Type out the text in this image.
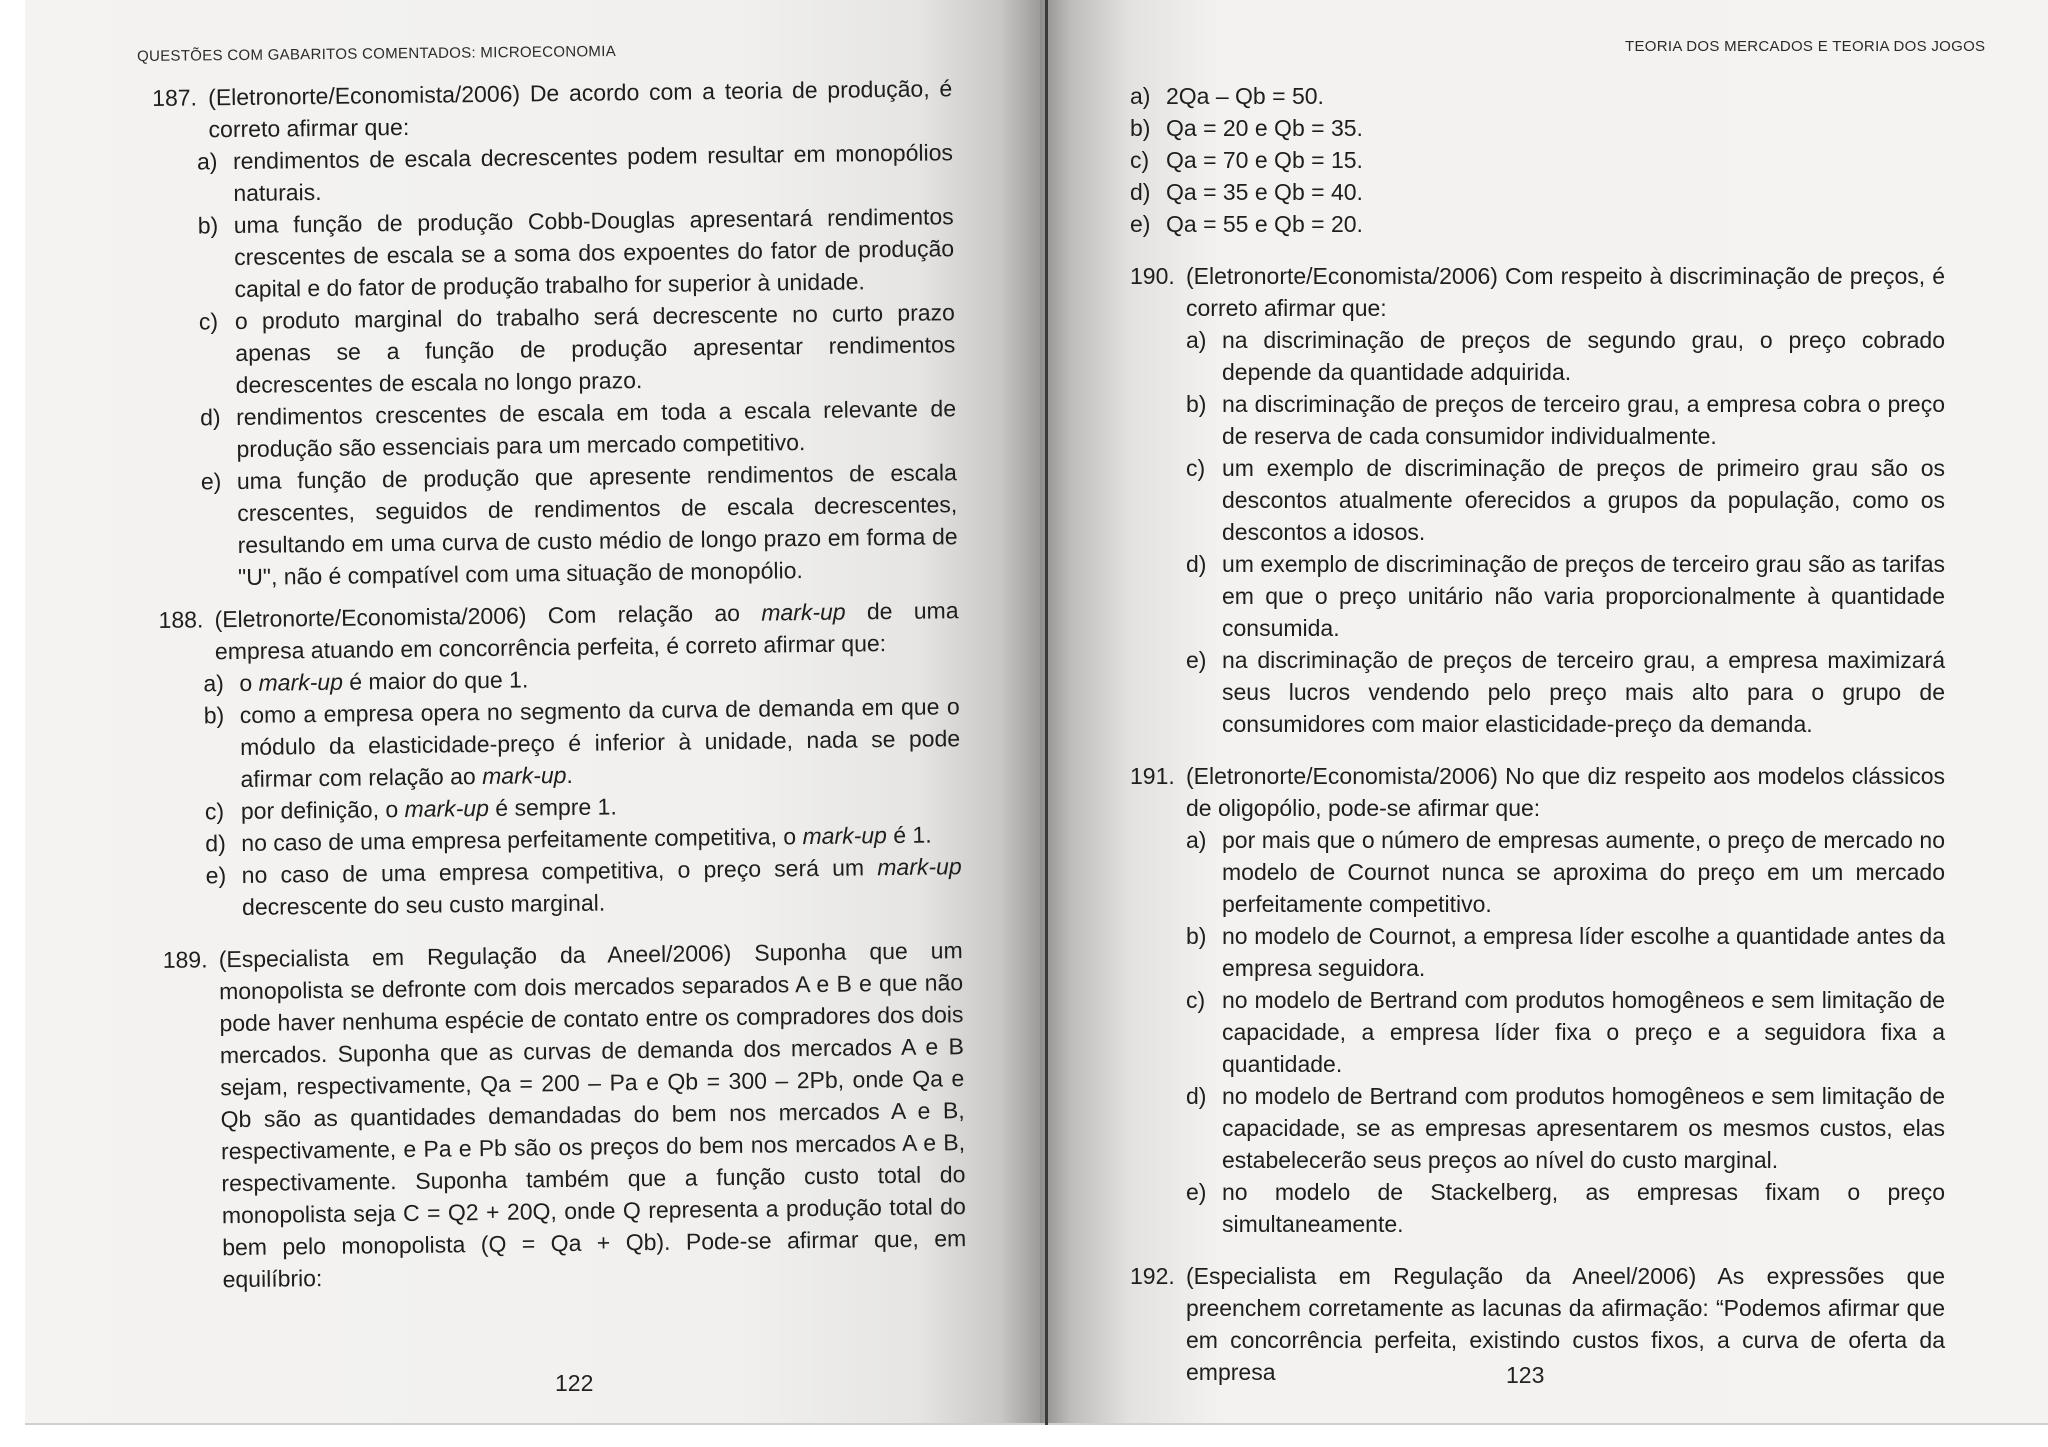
QUESTÕES COM GABARITOS COMENTADOS: MICROECONOMIA
187. (Eletronorte/Economista/2006) De acordo com a teoria de produção, é correto afirmar que:
a) rendimentos de escala decrescentes podem resultar em monopólios naturais.
b) uma função de produção Cobb-Douglas apresentará rendimentos crescentes de escala se a soma dos expoentes do fator de produção capital e do fator de produção trabalho for superior à unidade.
c) o produto marginal do trabalho será decrescente no curto prazo apenas se a função de produção apresentar rendimentos decrescentes de escala no longo prazo.
d) rendimentos crescentes de escala em toda a escala relevante de produção são essenciais para um mercado competitivo.
e) uma função de produção que apresente rendimentos de escala crescentes, seguidos de rendimentos de escala decrescentes, resultando em uma curva de custo médio de longo prazo em forma de "U", não é compatível com uma situação de monopólio.
188. (Eletronorte/Economista/2006) Com relação ao mark-up de uma empresa atuando em concorrência perfeita, é correto afirmar que:
a) o mark-up é maior do que 1.
b) como a empresa opera no segmento da curva de demanda em que o módulo da elasticidade-preço é inferior à unidade, nada se pode afirmar com relação ao mark-up.
c) por definição, o mark-up é sempre 1.
d) no caso de uma empresa perfeitamente competitiva, o mark-up é 1.
e) no caso de uma empresa competitiva, o preço será um mark-up decrescente do seu custo marginal.
189. (Especialista em Regulação da Aneel/2006) Suponha que um monopolista se defronte com dois mercados separados A e B e que não pode haver nenhuma espécie de contato entre os compradores dos dois mercados. Suponha que as curvas de demanda dos mercados A e B sejam, respectivamente, Qa = 200 – Pa e Qb = 300 – 2Pb, onde Qa e Qb são as quantidades demandadas do bem nos mercados A e B, respectivamente, e Pa e Pb são os preços do bem nos mercados A e B, respectivamente. Suponha também que a função custo total do monopolista seja C = Q2 + 20Q, onde Q representa a produção total do bem pelo monopolista (Q = Qa + Qb). Pode-se afirmar que, em equilíbrio:
122
TEORIA DOS MERCADOS E TEORIA DOS JOGOS
a) 2Qa – Qb = 50.
b) Qa = 20 e Qb = 35.
c) Qa = 70 e Qb = 15.
d) Qa = 35 e Qb = 40.
e) Qa = 55 e Qb = 20.
190. (Eletronorte/Economista/2006) Com respeito à discriminação de preços, é correto afirmar que:
a) na discriminação de preços de segundo grau, o preço cobrado depende da quantidade adquirida.
b) na discriminação de preços de terceiro grau, a empresa cobra o preço de reserva de cada consumidor individualmente.
c) um exemplo de discriminação de preços de primeiro grau são os descontos atualmente oferecidos a grupos da população, como os descontos a idosos.
d) um exemplo de discriminação de preços de terceiro grau são as tarifas em que o preço unitário não varia proporcionalmente à quantidade consumida.
e) na discriminação de preços de terceiro grau, a empresa maximizará seus lucros vendendo pelo preço mais alto para o grupo de consumidores com maior elasticidade-preço da demanda.
191. (Eletronorte/Economista/2006) No que diz respeito aos modelos clássicos de oligopólio, pode-se afirmar que:
a) por mais que o número de empresas aumente, o preço de mercado no modelo de Cournot nunca se aproxima do preço em um mercado perfeitamente competitivo.
b) no modelo de Cournot, a empresa líder escolhe a quantidade antes da empresa seguidora.
c) no modelo de Bertrand com produtos homogêneos e sem limitação de capacidade, a empresa líder fixa o preço e a seguidora fixa a quantidade.
d) no modelo de Bertrand com produtos homogêneos e sem limitação de capacidade, se as empresas apresentarem os mesmos custos, elas estabelecerão seus preços ao nível do custo marginal.
e) no modelo de Stackelberg, as empresas fixam o preço simultaneamente.
192. (Especialista em Regulação da Aneel/2006) As expressões que preenchem corretamente as lacunas da afirmação: “Podemos afirmar que em concorrência perfeita, existindo custos fixos, a curva de oferta da empresa	123
